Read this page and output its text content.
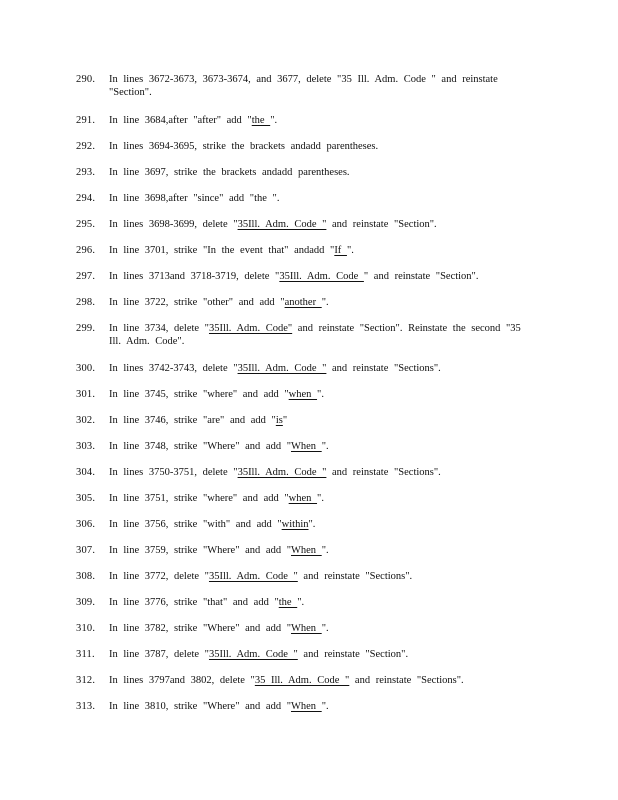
290. In lines 3672-3673, 3673-3674, and 3677, delete "35 Ill. Adm. Code " and reinstate "Section".
291. In line 3684,after "after" add "the ".
292. In lines 3694-3695, strike the brackets andadd parentheses.
293. In line 3697, strike the brackets andadd parentheses.
294. In line 3698,after "since" add "the ".
295. In lines 3698-3699, delete "35Ill. Adm. Code " and reinstate "Section".
296. In line 3701, strike "In the event that" andadd "If ".
297. In lines 3713and 3718-3719, delete "35Ill. Adm. Code " and reinstate "Section".
298. In line 3722, strike "other" and add "another ".
299. In line 3734, delete "35Ill. Adm. Code" and reinstate "Section". Reinstate the second "35 Ill. Adm. Code".
300. In lines 3742-3743, delete "35Ill. Adm. Code " and reinstate "Sections".
301. In line 3745, strike "where" and add "when ".
302. In line 3746, strike "are" and add "is"
303. In line 3748, strike "Where" and add "When ".
304. In lines 3750-3751, delete "35Ill. Adm. Code " and reinstate "Sections".
305. In line 3751, strike "where" and add "when ".
306. In line 3756, strike "with" and add "within".
307. In line 3759, strike "Where" and add "When ".
308. In line 3772, delete "35Ill. Adm. Code " and reinstate "Sections".
309. In line 3776, strike "that" and add "the ".
310. In line 3782, strike "Where" and add "When ".
311. In line 3787, delete "35Ill. Adm. Code " and reinstate "Section".
312. In lines 3797and 3802, delete "35 Ill. Adm. Code " and reinstate "Sections".
313. In line 3810, strike "Where" and add "When ".
